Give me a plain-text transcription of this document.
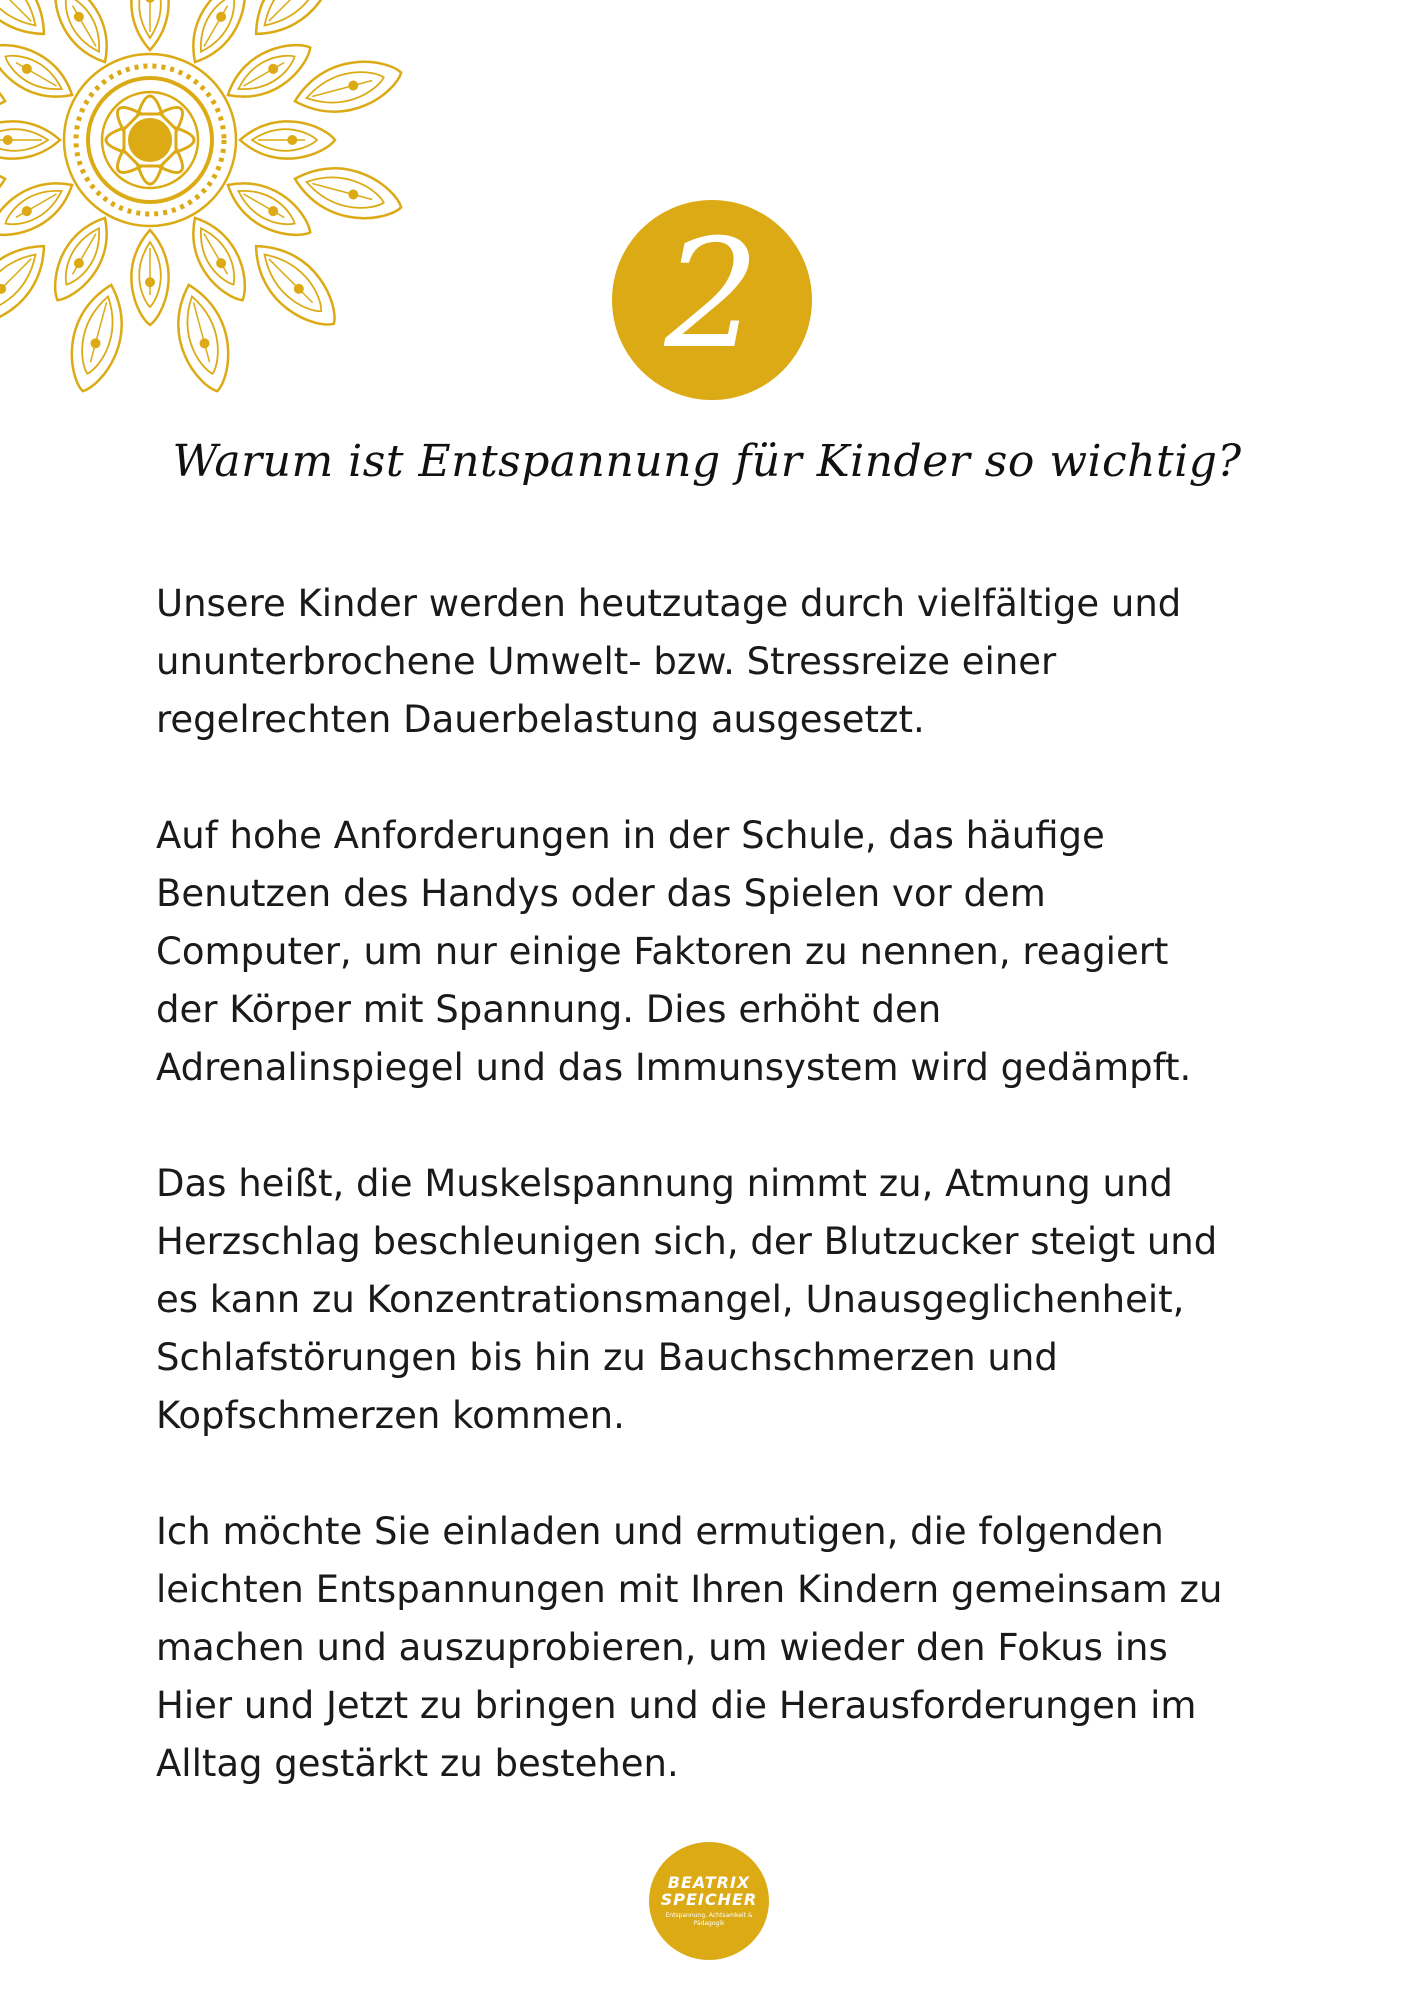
2
Warum ist Entspannung für Kinder so wichtig?

Unsere Kinder werden heutzutage durch vielfältige und
ununterbrochene Umwelt- bzw. Stressreize einer
regelrechten Dauerbelastung ausgesetzt.

Auf hohe Anforderungen in der Schule, das häufige
Benutzen des Handys oder das Spielen vor dem
Computer, um nur einige Faktoren zu nennen, reagiert
der Körper mit Spannung. Dies erhöht den
Adrenalinspiegel und das Immunsystem wird gedämpft.

Das heißt, die Muskelspannung nimmt zu, Atmung und
Herzschlag beschleunigen sich, der Blutzucker steigt und
es kann zu Konzentrationsmangel, Unausgeglichenheit,
Schlafstörungen bis hin zu Bauchschmerzen und
Kopfschmerzen kommen.

Ich möchte Sie einladen und ermutigen, die folgenden
leichten Entspannungen mit Ihren Kindern gemeinsam zu
machen und auszuprobieren, um wieder den Fokus ins
Hier und Jetzt zu bringen und die Herausforderungen im
Alltag gestärkt zu bestehen.

BEATRIX
SPEICHER
Entspannung, Achtsamkeit & Pädagogik
